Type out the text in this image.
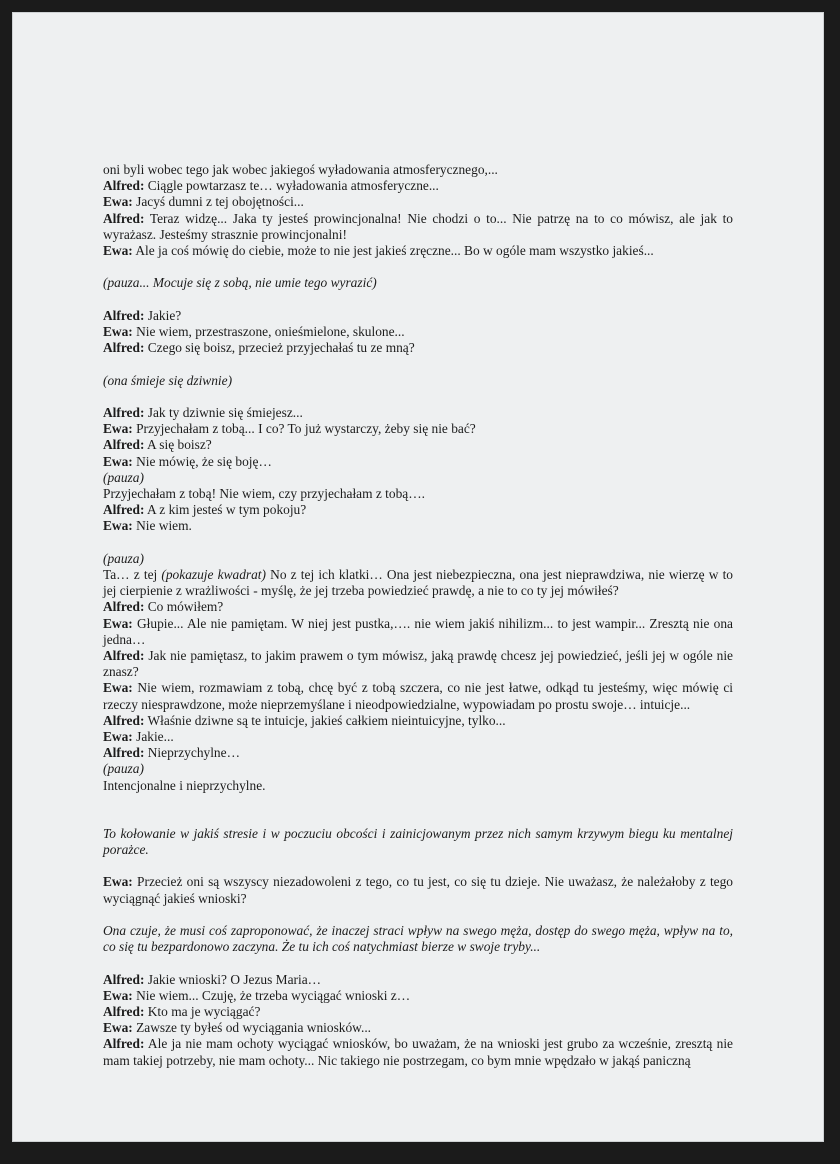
oni byli wobec tego jak wobec jakiegoś wyładowania atmosferycznego,...

Alfred: Ciągle powtarzasz te… wyładowania atmosferyczne...

Ewa: Jacyś dumni z tej obojętności...

Alfred: Teraz widzę... Jaka ty jesteś prowincjonalna! Nie chodzi o to... Nie patrzę na to co mówisz, ale jak to wyrażasz. Jesteśmy strasznie prowincjonalni!

Ewa: Ale ja coś mówię do ciebie, może to nie jest jakieś zręczne... Bo w ogóle mam wszystko jakieś...

(pauza... Mocuje się z sobą, nie umie tego wyrazić)

Alfred: Jakie?

Ewa: Nie wiem, przestraszone, onieśmielone, skulone...

Alfred: Czego się boisz, przecież przyjechałaś tu ze mną?

(ona śmieje się dziwnie)

Alfred: Jak ty dziwnie się śmiejesz...

Ewa: Przyjechałam z tobą... I co? To już wystarczy, żeby się nie bać?

Alfred: A się boisz?

Ewa: Nie mówię, że się boję…

(pauza)

Przyjechałam z tobą! Nie wiem, czy przyjechałam z tobą….

Alfred: A z kim jesteś w tym pokoju?

Ewa: Nie wiem.

(pauza)

Ta… z tej (pokazuje kwadrat) No z tej ich klatki… Ona jest niebezpieczna, ona jest nieprawdziwa, nie wierzę w to jej cierpienie z wrażliwości - myślę, że jej trzeba powiedzieć prawdę, a nie to co ty jej mówiłeś?

Alfred: Co mówiłem?

Ewa: Głupie... Ale nie pamiętam. W niej jest pustka,…. nie wiem jakiś nihilizm... to jest wampir... Zresztą nie ona jedna…

Alfred: Jak nie pamiętasz, to jakim prawem o tym mówisz, jaką prawdę chcesz jej powiedzieć, jeśli jej w ogóle nie znasz?

Ewa: Nie wiem, rozmawiam z tobą, chcę być z tobą szczera, co nie jest łatwe, odkąd tu jesteśmy, więc mówię ci rzeczy niesprawdzone, może nieprzemyślane i nieodpowiedzialne, wypowiadam po prostu swoje… intuicje...

Alfred: Właśnie dziwne są te intuicje, jakieś całkiem nieintuicyjne, tylko...

Ewa: Jakie...

Alfred: Nieprzychylne…

(pauza)

Intencjonalne i nieprzychylne.

To kołowanie w jakiś stresie i w poczuciu obcości i zainicjowanym przez nich samym krzywym biegu ku mentalnej porażce.

Ewa: Przecież oni są wszyscy niezadowoleni z tego, co tu jest, co się tu dzieje. Nie uważasz, że należałoby z tego wyciągnąć jakieś wnioski?

Ona czuje, że musi coś zaproponować, że inaczej straci wpływ na swego męża, dostęp do swego męża, wpływ na to, co się tu bezpardonowo zaczyna. Że tu ich coś natychmiast bierze w swoje tryby...

Alfred: Jakie wnioski? O Jezus Maria…

Ewa: Nie wiem... Czuję, że trzeba wyciągać wnioski z…

Alfred: Kto ma je wyciągać?

Ewa: Zawsze ty byłeś od wyciągania wniosków...

Alfred: Ale ja nie mam ochoty wyciągać wniosków, bo uważam, że na wnioski jest grubo za wcześnie, zresztą nie mam takiej potrzeby, nie mam ochoty... Nic takiego nie postrzegam, co bym mnie wpędzało w jakąś paniczną
